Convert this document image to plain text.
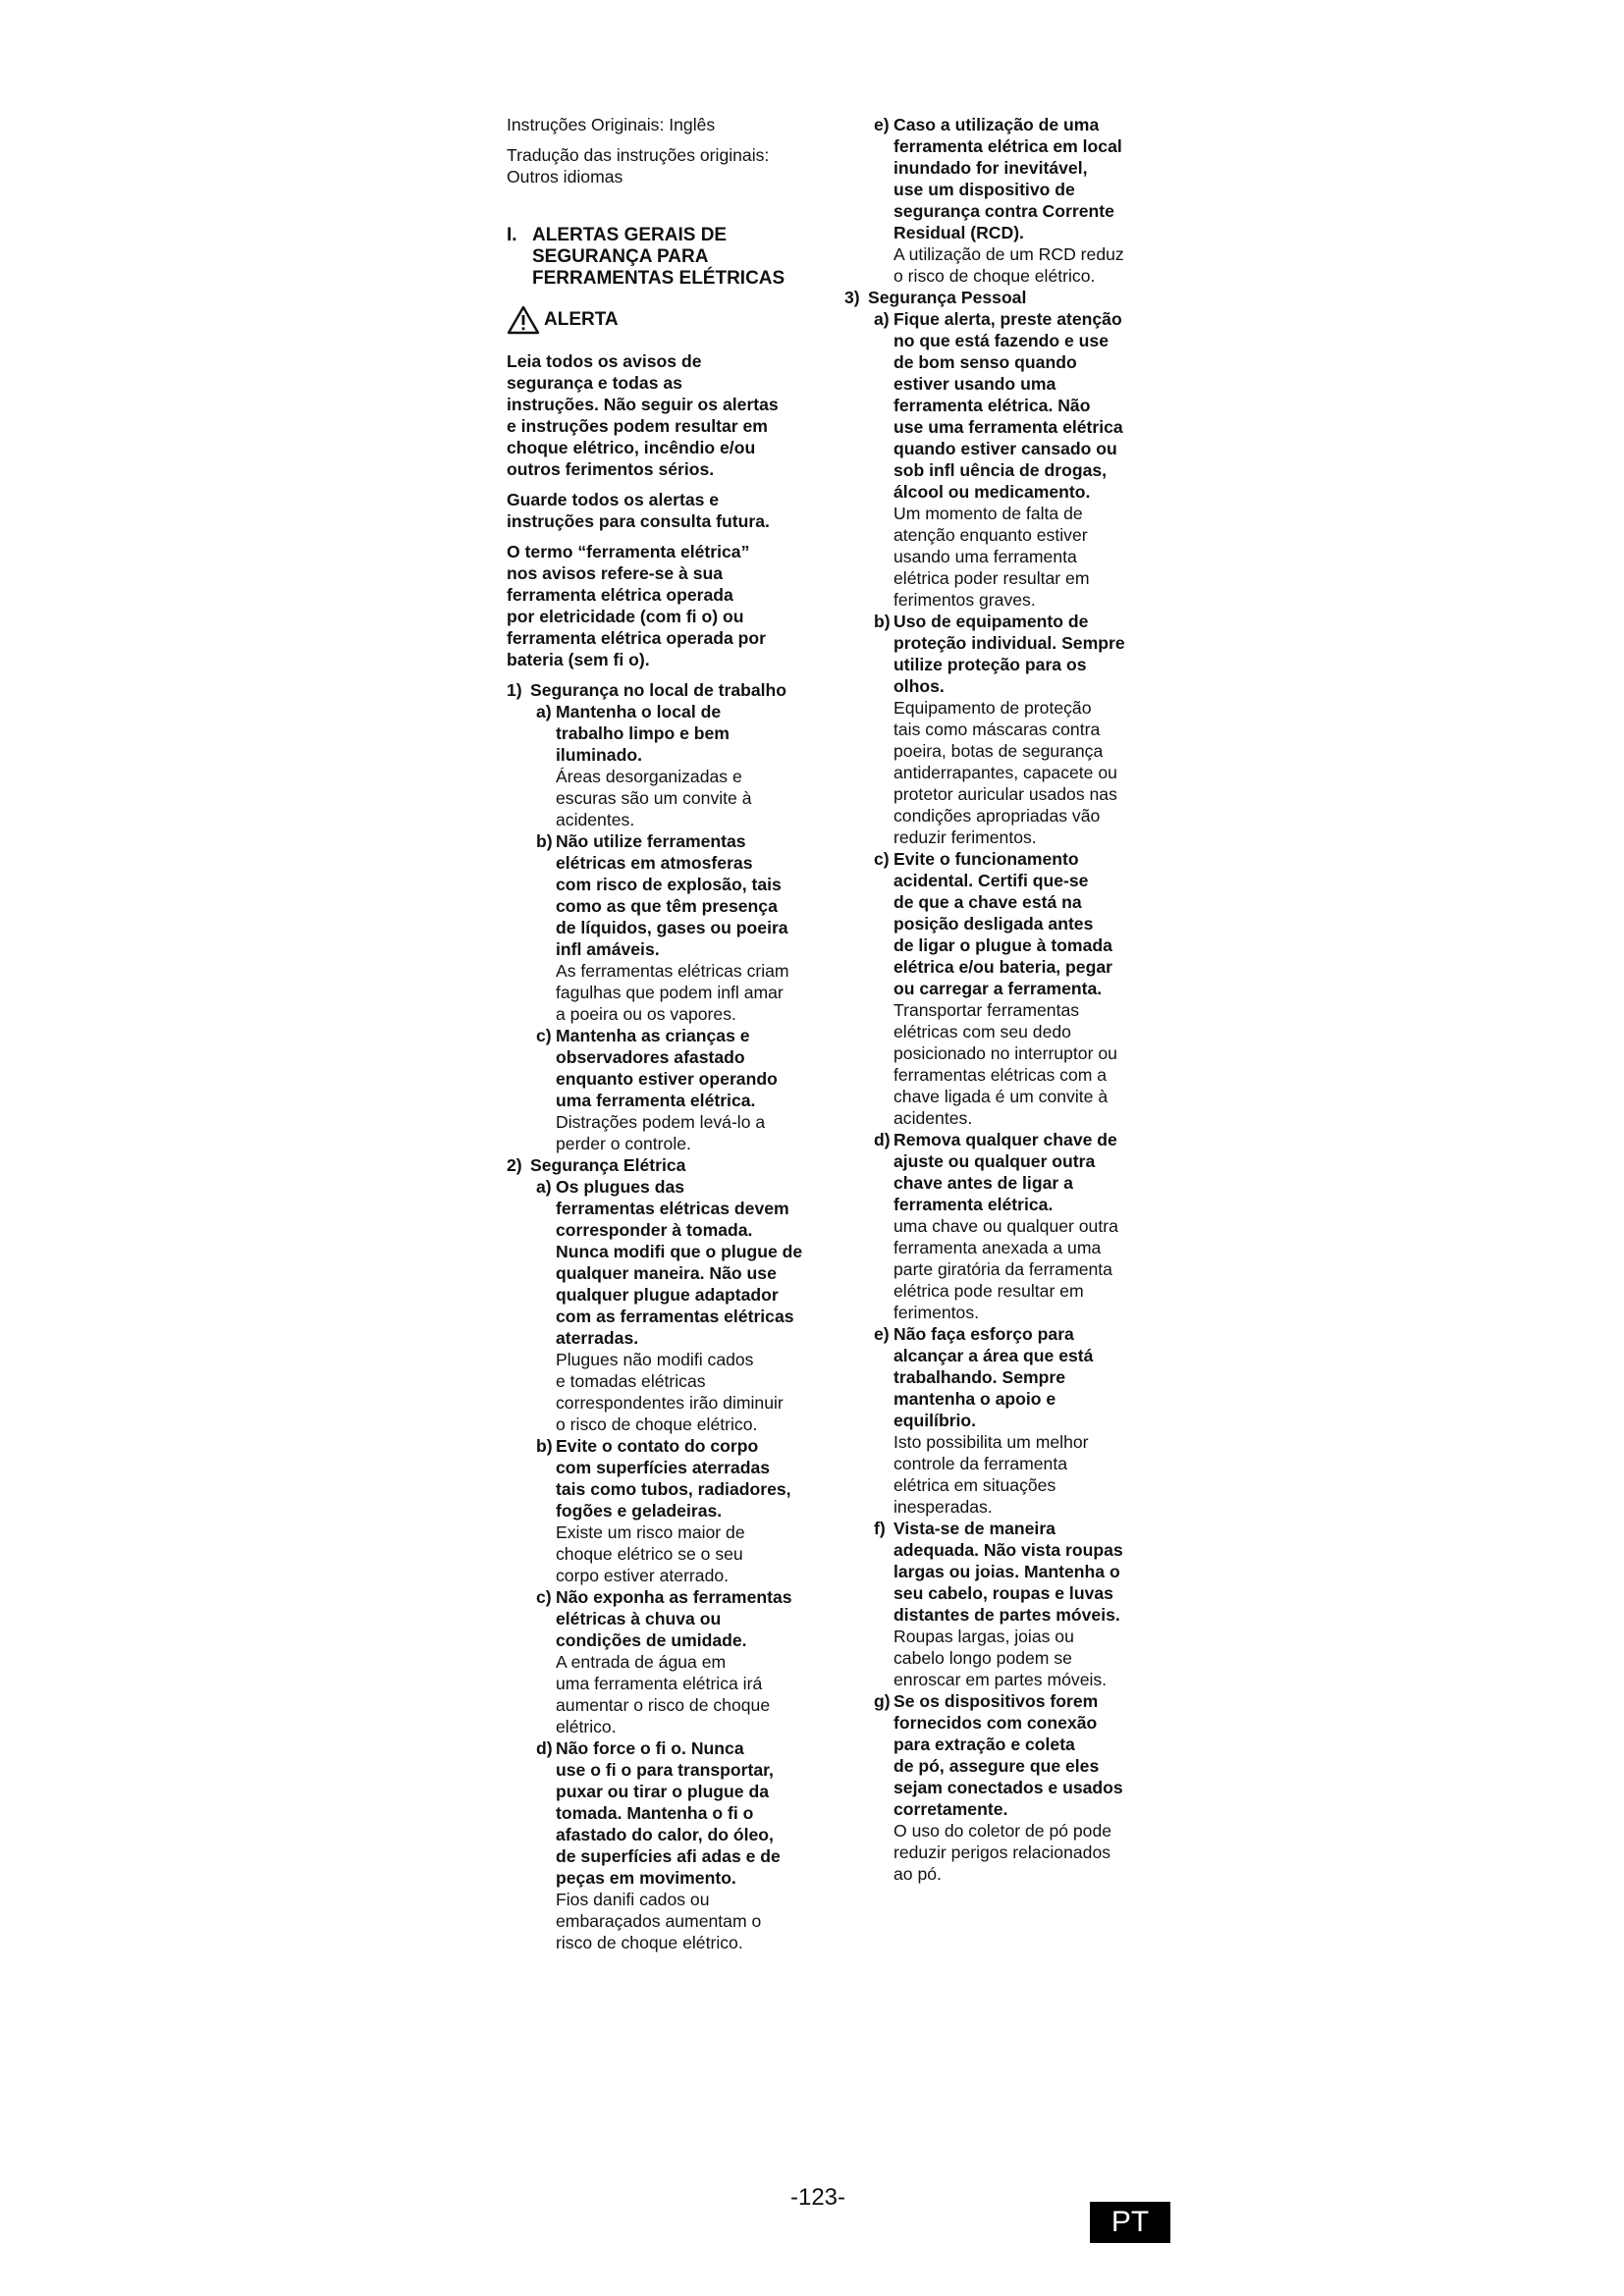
Instruções Originais: Inglês

Tradução das instruções originais:

Outros idiomas

I. ALERTAS GERAIS DE

SEGURANÇA PARA

FERRAMENTAS ELÉTRICAS

ALERTA

Leia todos os avisos de

segurança e todas as

instruções. Não seguir os alertas

e instruções podem resultar em

choque elétrico, incêndio e/ou

outros ferimentos sérios.

Guarde todos os alertas e

instruções para consulta futura.

O termo “ferramenta elétrica”

nos avisos refere-se à sua

ferramenta elétrica operada

por eletricidade (com fi o) ou

ferramenta elétrica operada por

bateria (sem fi o).

1) Segurança no local de trabalho

a) Mantenha o local de

trabalho limpo e bem

iluminado.

Áreas desorganizadas e

escuras são um convite à

acidentes.

b) Não utilize ferramentas

elétricas em atmosferas

com risco de explosão, tais

como as que têm presença

de líquidos, gases ou poeira

infl amáveis.

As ferramentas elétricas criam

fagulhas que podem infl amar

a poeira ou os vapores.

c) Mantenha as crianças e

observadores afastado

enquanto estiver operando

uma ferramenta elétrica.

Distrações podem levá-lo a

perder o controle.

2) Segurança Elétrica

a) Os plugues das

ferramentas elétricas devem

corresponder à tomada.

Nunca modifi que o plugue de

qualquer maneira. Não use

qualquer plugue adaptador

com as ferramentas elétricas

aterradas.

Plugues não modifi cados

e tomadas elétricas

correspondentes irão diminuir

o risco de choque elétrico.

b) Evite o contato do corpo

com superfícies aterradas

tais como tubos, radiadores,

fogões e geladeiras.

Existe um risco maior de

choque elétrico se o seu

corpo estiver aterrado.

c) Não exponha as ferramentas

elétricas à chuva ou

condições de umidade.

A entrada de água em

uma ferramenta elétrica irá

aumentar o risco de choque

elétrico.

d) Não force o fi o. Nunca

use o fi o para transportar,

puxar ou tirar o plugue da

tomada. Mantenha o fi o

afastado do calor, do óleo,

de superfícies afi adas e de

peças em movimento.

Fios danifi cados ou

embaraçados aumentam o

risco de choque elétrico.

e) Caso a utilização de uma

ferramenta elétrica em local

inundado for inevitável,

use um dispositivo de

segurança contra Corrente

Residual (RCD).

A utilização de um RCD reduz

o risco de choque elétrico.

3) Segurança Pessoal

a) Fique alerta, preste atenção

no que está fazendo e use

de bom senso quando

estiver usando uma

ferramenta elétrica. Não

use uma ferramenta elétrica

quando estiver cansado ou

sob infl uência de drogas,

álcool ou medicamento.

Um momento de falta de

atenção enquanto estiver

usando uma ferramenta

elétrica poder resultar em

ferimentos graves.

b) Uso de equipamento de

proteção individual. Sempre

utilize proteção para os

olhos.

Equipamento de proteção

tais como máscaras contra

poeira, botas de segurança

antiderrapantes, capacete ou

protetor auricular usados nas

condições apropriadas vão

reduzir ferimentos.

c) Evite o funcionamento

acidental. Certifi que-se

de que a chave está na

posição desligada antes

de ligar o plugue à tomada

elétrica e/ou bateria, pegar

ou carregar a ferramenta.

Transportar ferramentas

elétricas com seu dedo

posicionado no interruptor ou

ferramentas elétricas com a

chave ligada é um convite à

acidentes.

d) Remova qualquer chave de

ajuste ou qualquer outra

chave antes de ligar a

ferramenta elétrica.

uma chave ou qualquer outra

ferramenta anexada a uma

parte giratória da ferramenta

elétrica pode resultar em

ferimentos.

e) Não faça esforço para

alcançar a área que está

trabalhando. Sempre

mantenha o apoio e

equilíbrio.

Isto possibilita um melhor

controle da ferramenta

elétrica em situações

inesperadas.

f) Vista-se de maneira

adequada. Não vista roupas

largas ou joias. Mantenha o

seu cabelo, roupas e luvas

distantes de partes móveis.

Roupas largas, joias ou

cabelo longo podem se

enroscar em partes móveis.

g) Se os dispositivos forem

fornecidos com conexão

para extração e coleta

de pó, assegure que eles

sejam conectados e usados

corretamente.

O uso do coletor de pó pode

reduzir perigos relacionados

ao pó.

-123-
PT
